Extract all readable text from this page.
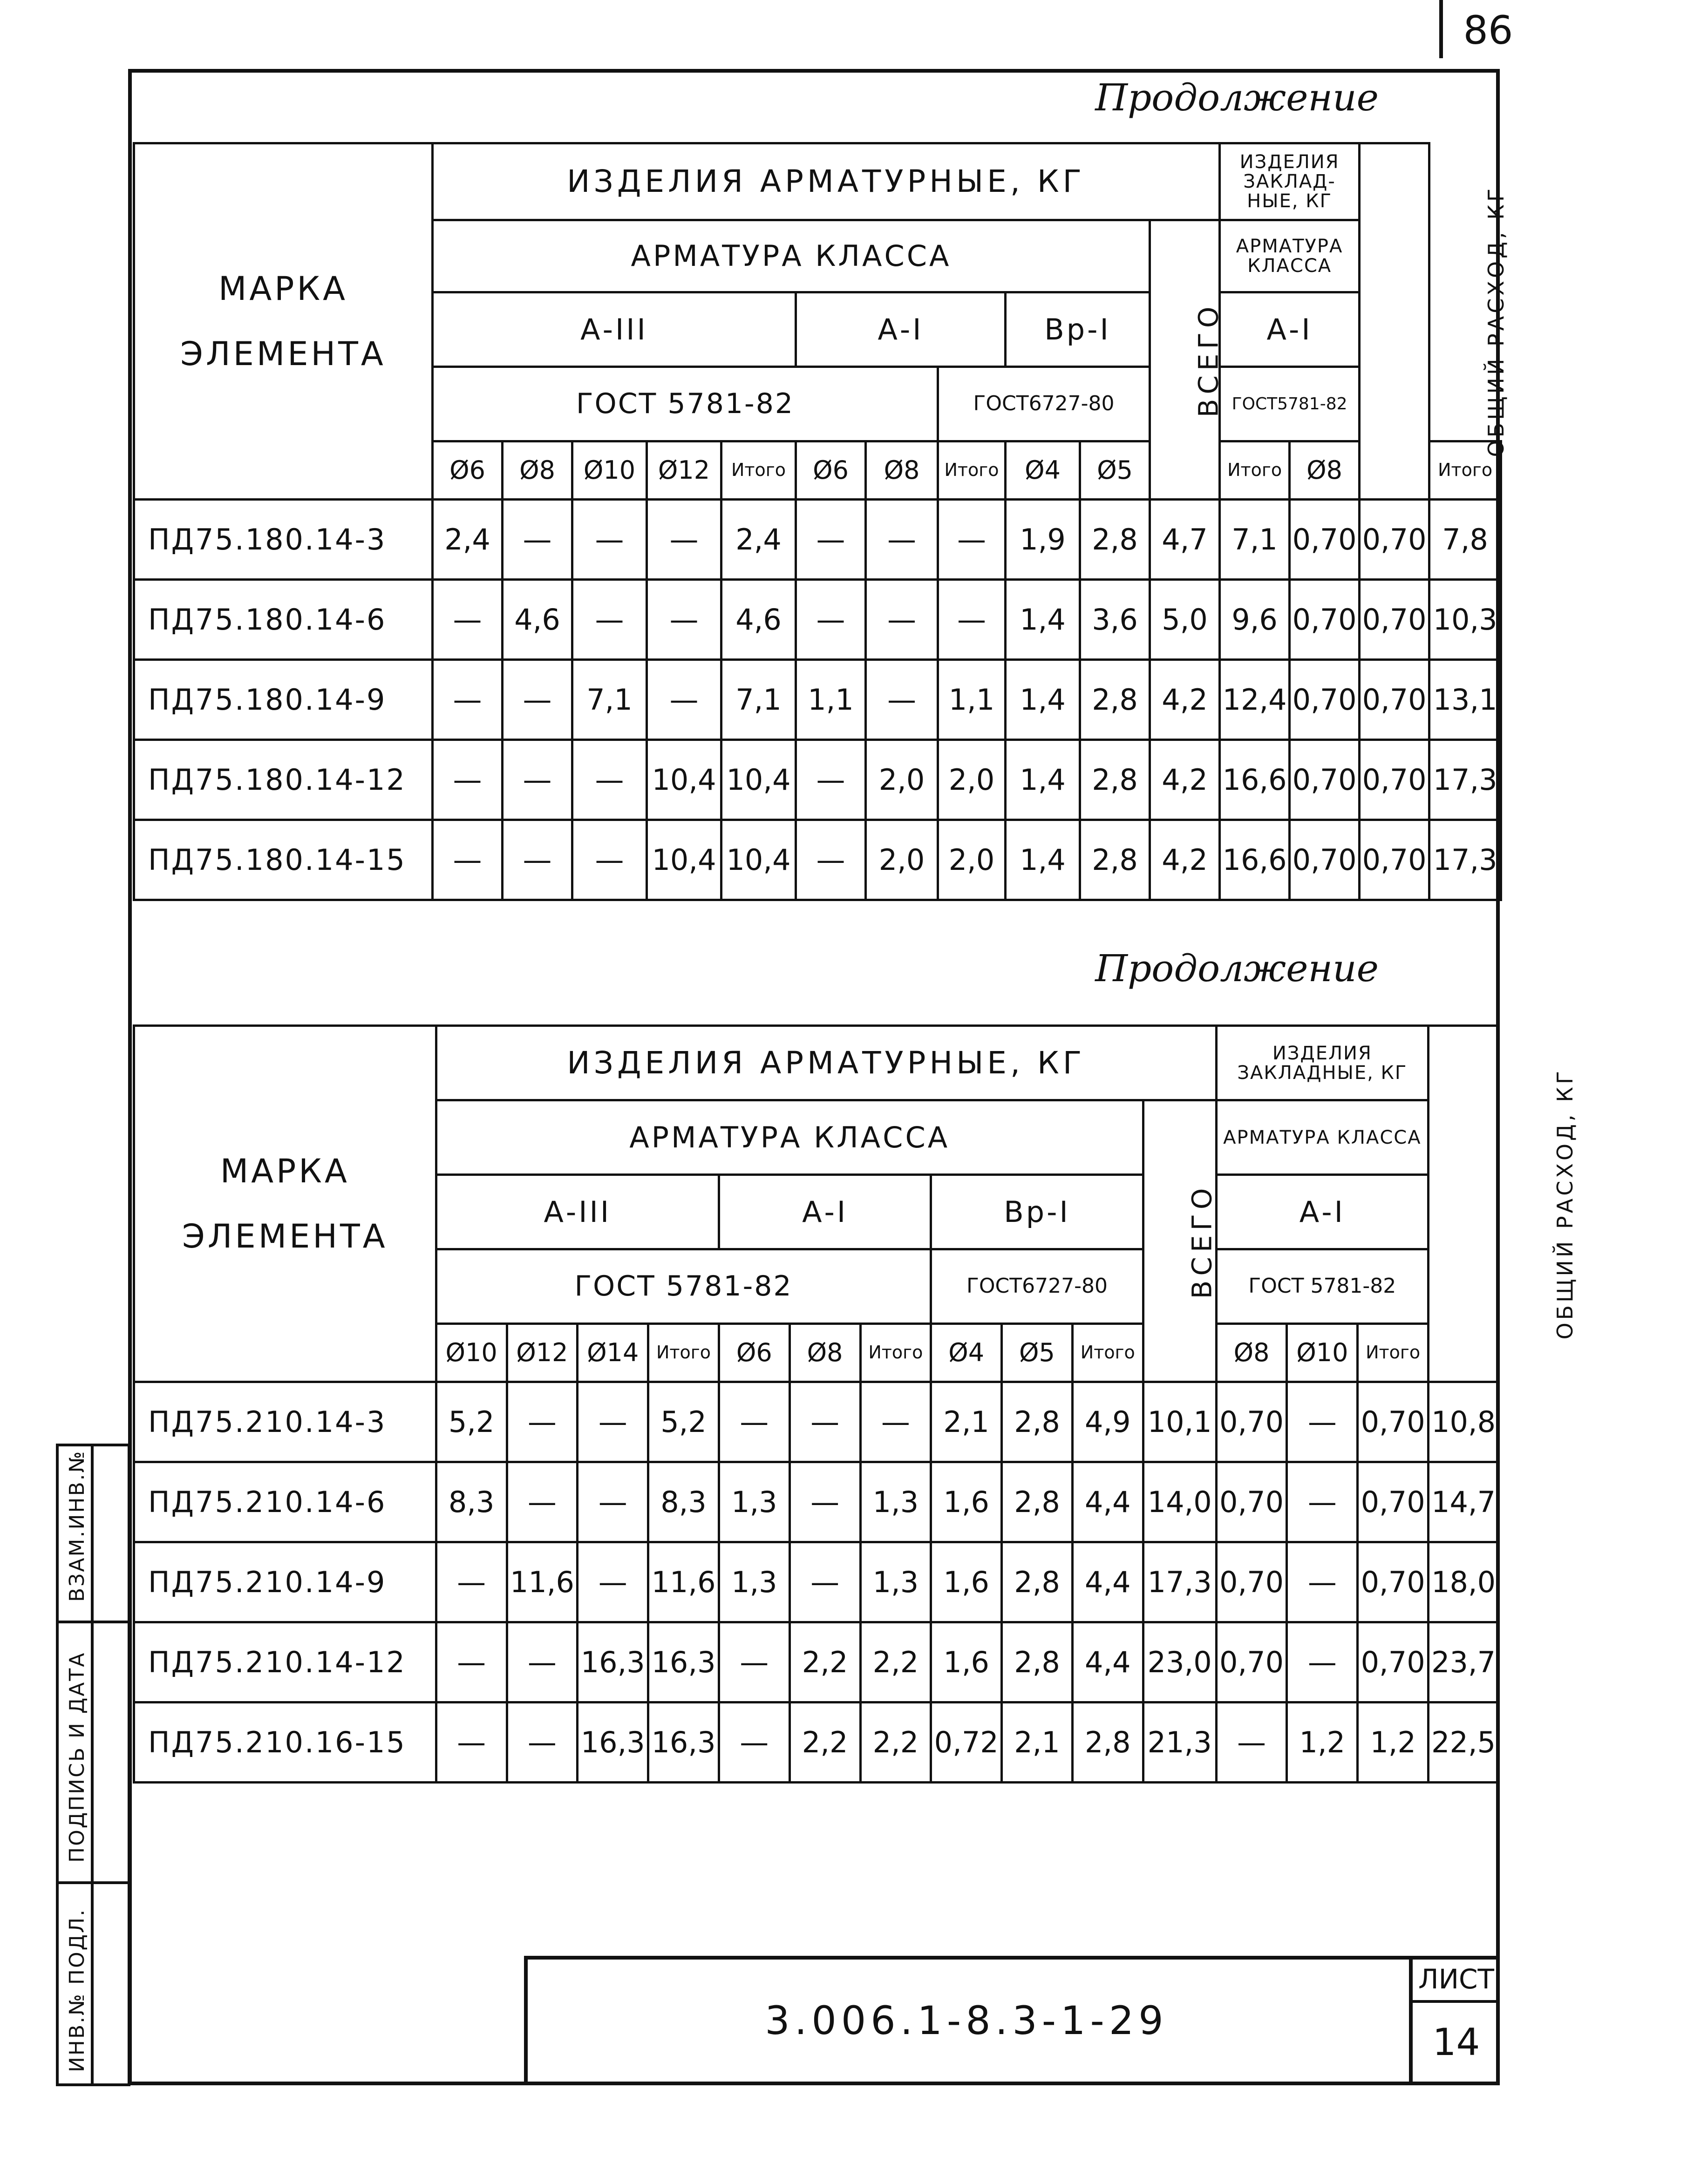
86
Продолжение
МАРКА
ЭЛЕМЕНТА	ИЗДЕЛИЯ АРМАТУРНЫЕ, КГ											ИЗДЕЛИЯ ЗАКЛАД-НЫЕ, КГ		ОБЩИЙ РАСХОД, КГ	
	АРМАТУРА КЛАССА										ВСЕГО	АРМАТУРА КЛАССА			
	А-III					А-I			Вр-I			А-I			
	ГОСТ 5781-82							ГОСТ6727-80				ГОСТ5781-82			
	Ø6	Ø8	Ø10	Ø12	Итого	Ø6	Ø8	Итого	Ø4	Ø5		Итого	Ø8		Итого
ПД75.180.14-3	2,4	—	—	—	2,4	—	—	—	1,9	2,8	4,7	7,1	0,70	0,70	7,8
ПД75.180.14-6	—	4,6	—	—	4,6	—	—	—	1,4	3,6	5,0	9,6	0,70	0,70	10,3
ПД75.180.14-9	—	—	7,1	—	7,1	1,1	—	1,1	1,4	2,8	4,2	12,4	0,70	0,70	13,1
ПД75.180.14-12	—	—	—	10,4	10,4	—	2,0	2,0	1,4	2,8	4,2	16,6	0,70	0,70	17,3
ПД75.180.14-15	—	—	—	10,4	10,4	—	2,0	2,0	1,4	2,8	4,2	16,6	0,70	0,70	17,3
Продолжение
МАРКА
ЭЛЕМЕНТА	ИЗДЕЛИЯ АРМАТУРНЫЕ, КГ											ИЗДЕЛИЯ ЗАКЛАДНЫЕ, КГ			ОБЩИЙ РАСХОД, КГ
	АРМАТУРА КЛАССА										ВСЕГО	АРМАТУРА КЛАССА			
	А-III				А-I			Вр-I				А-I			
	ГОСТ 5781-82							ГОСТ6727-80				ГОСТ 5781-82			
	Ø10	Ø12	Ø14	Итого	Ø6	Ø8	Итого	Ø4	Ø5	Итого		Ø8	Ø10	Итого	
ПД75.210.14-3	5,2	—	—	5,2	—	—	—	2,1	2,8	4,9	10,1	0,70	—	0,70	10,8
ПД75.210.14-6	8,3	—	—	8,3	1,3	—	1,3	1,6	2,8	4,4	14,0	0,70	—	0,70	14,7
ПД75.210.14-9	—	11,6	—	11,6	1,3	—	1,3	1,6	2,8	4,4	17,3	0,70	—	0,70	18,0
ПД75.210.14-12	—	—	16,3	16,3	—	2,2	2,2	1,6	2,8	4,4	23,0	0,70	—	0,70	23,7
ПД75.210.16-15	—	—	16,3	16,3	—	2,2	2,2	0,72	2,1	2,8	21,3	—	1,2	1,2	22,5
3.006.1-8.3-1-29
ЛИСТ
14
ВЗАМ.ИНВ.№
ПОДПИСЬ И ДАТА
ИНВ.№ ПОДЛ.
